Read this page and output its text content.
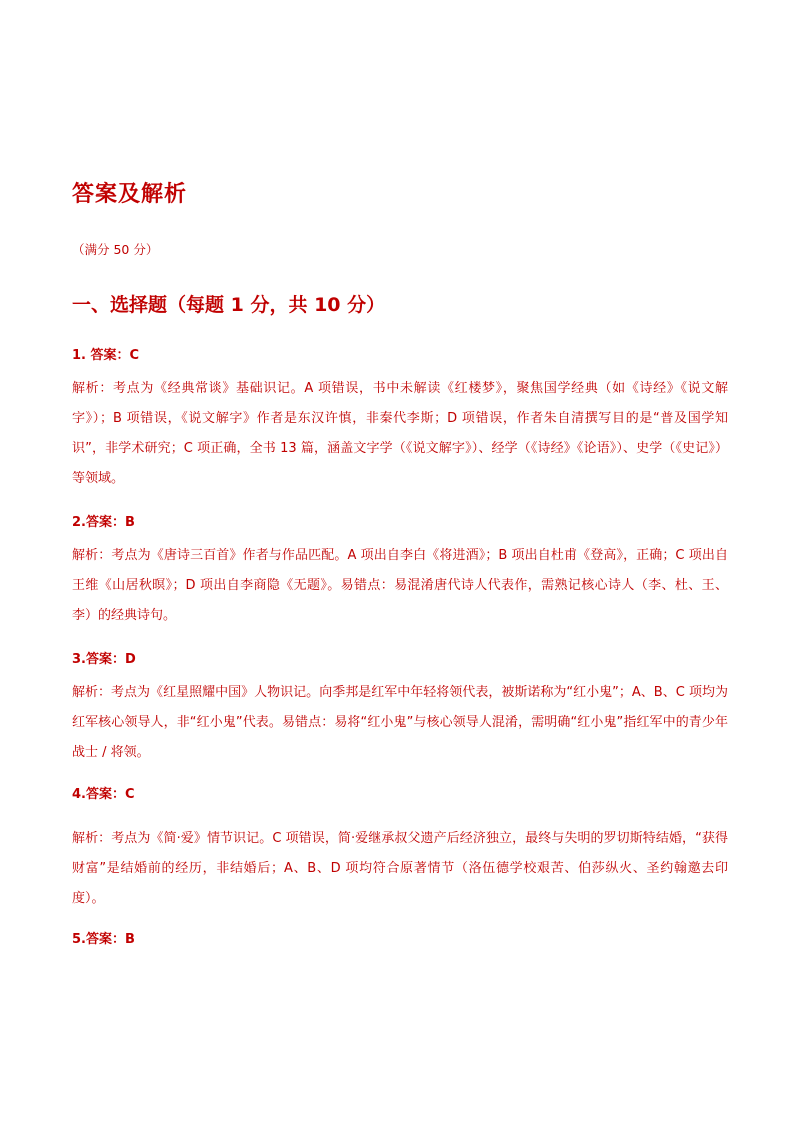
答案及解析

（满分 50 分）

一、选择题（每题 1 分，共 10 分）

1. 答案：C

解析：考点为《经典常谈》基础识记。A 项错误，书中未解读《红楼梦》，聚焦国学经典（如《诗经》《说文解字》）；B 项错误，《说文解字》作者是东汉许慎，非秦代李斯；D 项错误，作者朱自清撰写目的是“普及国学知识”，非学术研究；C 项正确，全书 13 篇，涵盖文字学（《说文解字》）、经学（《诗经》《论语》）、史学（《史记》）等领域。

2.答案：B

解析：考点为《唐诗三百首》作者与作品匹配。A 项出自李白《将进酒》；B 项出自杜甫《登高》，正确；C 项出自王维《山居秋暝》；D 项出自李商隐《无题》。易错点：易混淆唐代诗人代表作，需熟记核心诗人（李、杜、王、李）的经典诗句。

3.答案：D

解析：考点为《红星照耀中国》人物识记。向季邦是红军中年轻将领代表，被斯诺称为“红小鬼”；A、B、C 项均为红军核心领导人，非“红小鬼”代表。易错点：易将“红小鬼”与核心领导人混淆，需明确“红小鬼”指红军中的青少年战士 / 将领。

4.答案：C

解析：考点为《简·爱》情节识记。C 项错误，简·爱继承叔父遗产后经济独立，最终与失明的罗切斯特结婚，“获得财富”是结婚前的经历，非结婚后；A、B、D 项均符合原著情节（洛伍德学校艰苦、伯莎纵火、圣约翰邀去印度）。

5.答案：B
